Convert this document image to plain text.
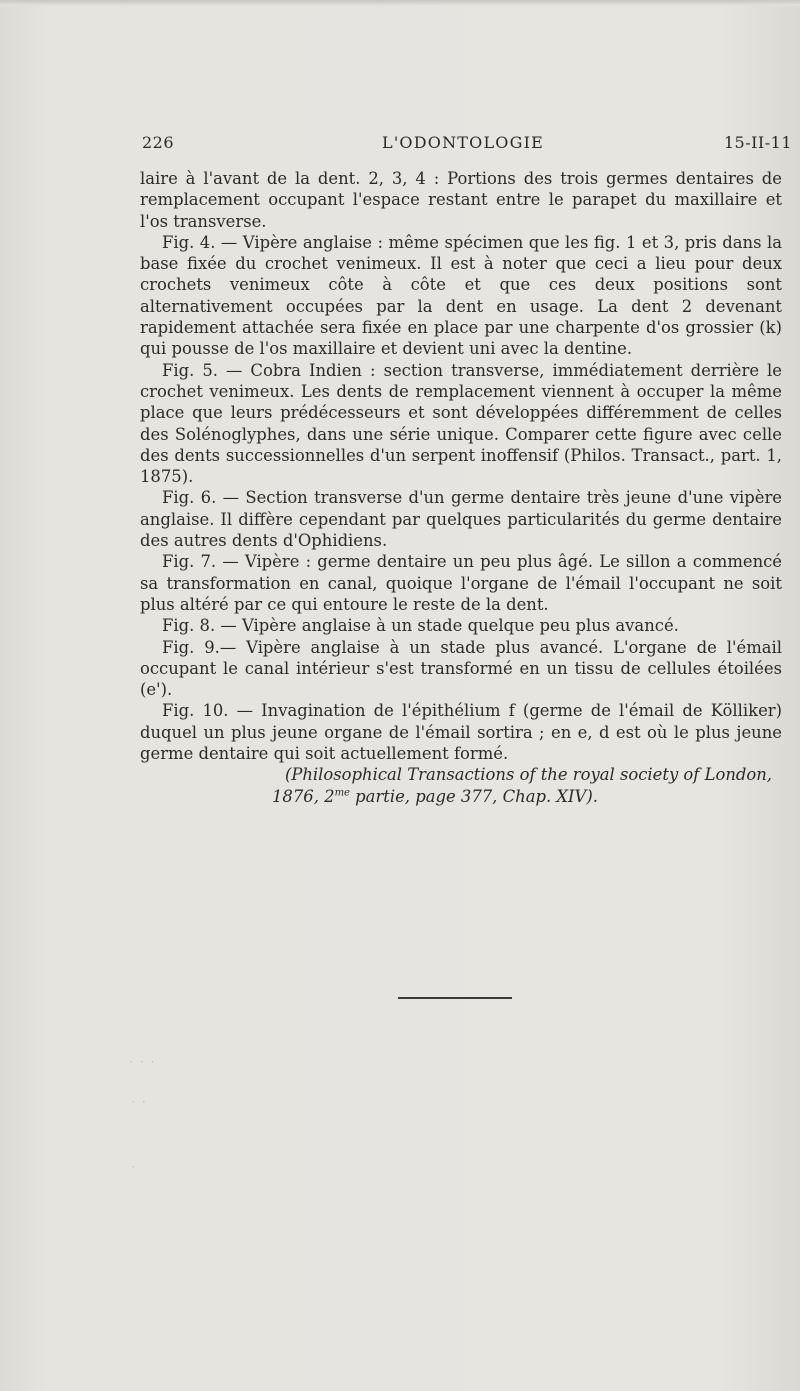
226	L'ODONTOLOGIE	15-II-11

laire à l'avant de la dent. 2, 3, 4 : Portions des trois germes dentaires de remplacement occupant l'espace restant entre le parapet du maxillaire et l'os transverse.

Fig. 4. — Vipère anglaise : même spécimen que les fig. 1 et 3, pris dans la base fixée du crochet venimeux. Il est à noter que ceci a lieu pour deux crochets venimeux côte à côte et que ces deux positions sont alternativement occupées par la dent en usage. La dent 2 devenant rapidement attachée sera fixée en place par une charpente d'os grossier (k) qui pousse de l'os maxillaire et devient uni avec la dentine.

Fig. 5. — Cobra Indien : section transverse, immédiatement derrière le crochet venimeux. Les dents de remplacement viennent à occuper la même place que leurs prédécesseurs et sont développées différemment de celles des Solénoglyphes, dans une série unique. Comparer cette figure avec celle des dents successionnelles d'un serpent inoffensif (Philos. Transact., part. 1, 1875).

Fig. 6. — Section transverse d'un germe dentaire très jeune d'une vipère anglaise. Il diffère cependant par quelques particularités du germe dentaire des autres dents d'Ophidiens.

Fig. 7. — Vipère : germe dentaire un peu plus âgé. Le sillon a commencé sa transformation en canal, quoique l'organe de l'émail l'occupant ne soit plus altéré par ce qui entoure le reste de la dent.

Fig. 8. — Vipère anglaise à un stade quelque peu plus avancé.

Fig. 9.— Vipère anglaise à un stade plus avancé. L'organe de l'émail occupant le canal intérieur s'est transformé en un tissu de cellules étoilées (e').

Fig. 10. — Invagination de l'épithélium f (germe de l'émail de Kölliker) duquel un plus jeune organe de l'émail sortira ; en e, d est où le plus jeune germe dentaire qui soit actuellement formé.

(Philosophical Transactions of the royal society of London,
1876, $2^{me}$ partie, page 377, Chap. XIV).

˙ ˙ ˙
˙ ˙
˙
